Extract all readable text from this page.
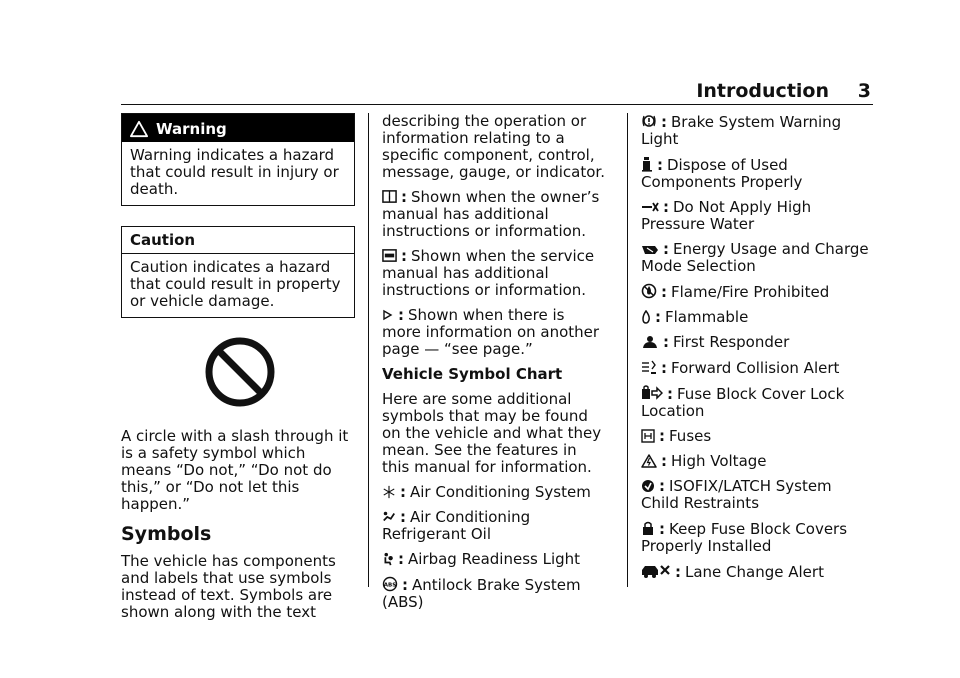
Introduction 3
Warning
Warning indicates a hazard that could result in injury or death.
Caution
Caution indicates a hazard that could result in property or vehicle damage.

A circle with a slash through it is a safety symbol which means “Do not,” “Do not do this,” or “Do not let this happen.”

Symbols

The vehicle has components and labels that use symbols instead of text. Symbols are shown along with the text

describing the operation or information relating to a specific component, control, message, gauge, or indicator.

i : Shown when the owner’s manual has additional instructions or information.
: Shown when the service manual has additional instructions or information.
: Shown when there is more information on another page — “see page.”

Vehicle Symbol Chart

Here are some additional symbols that may be found on the vehicle and what they mean. See the features in this manual for information.

: Air Conditioning System
: Air Conditioning Refrigerant Oil
: Airbag Readiness Light
ABS : Antilock Brake System (ABS)
: Brake System Warning Light
: Dispose of Used Components Properly
: Do Not Apply High Pressure Water
: Energy Usage and Charge Mode Selection
: Flame/Fire Prohibited
: Flammable
: First Responder
: Forward Collision Alert
: Fuse Block Cover Lock Location
: Fuses
: High Voltage
: ISOFIX/LATCH System Child Restraints
: Keep Fuse Block Covers Properly Installed
: Lane Change Alert
